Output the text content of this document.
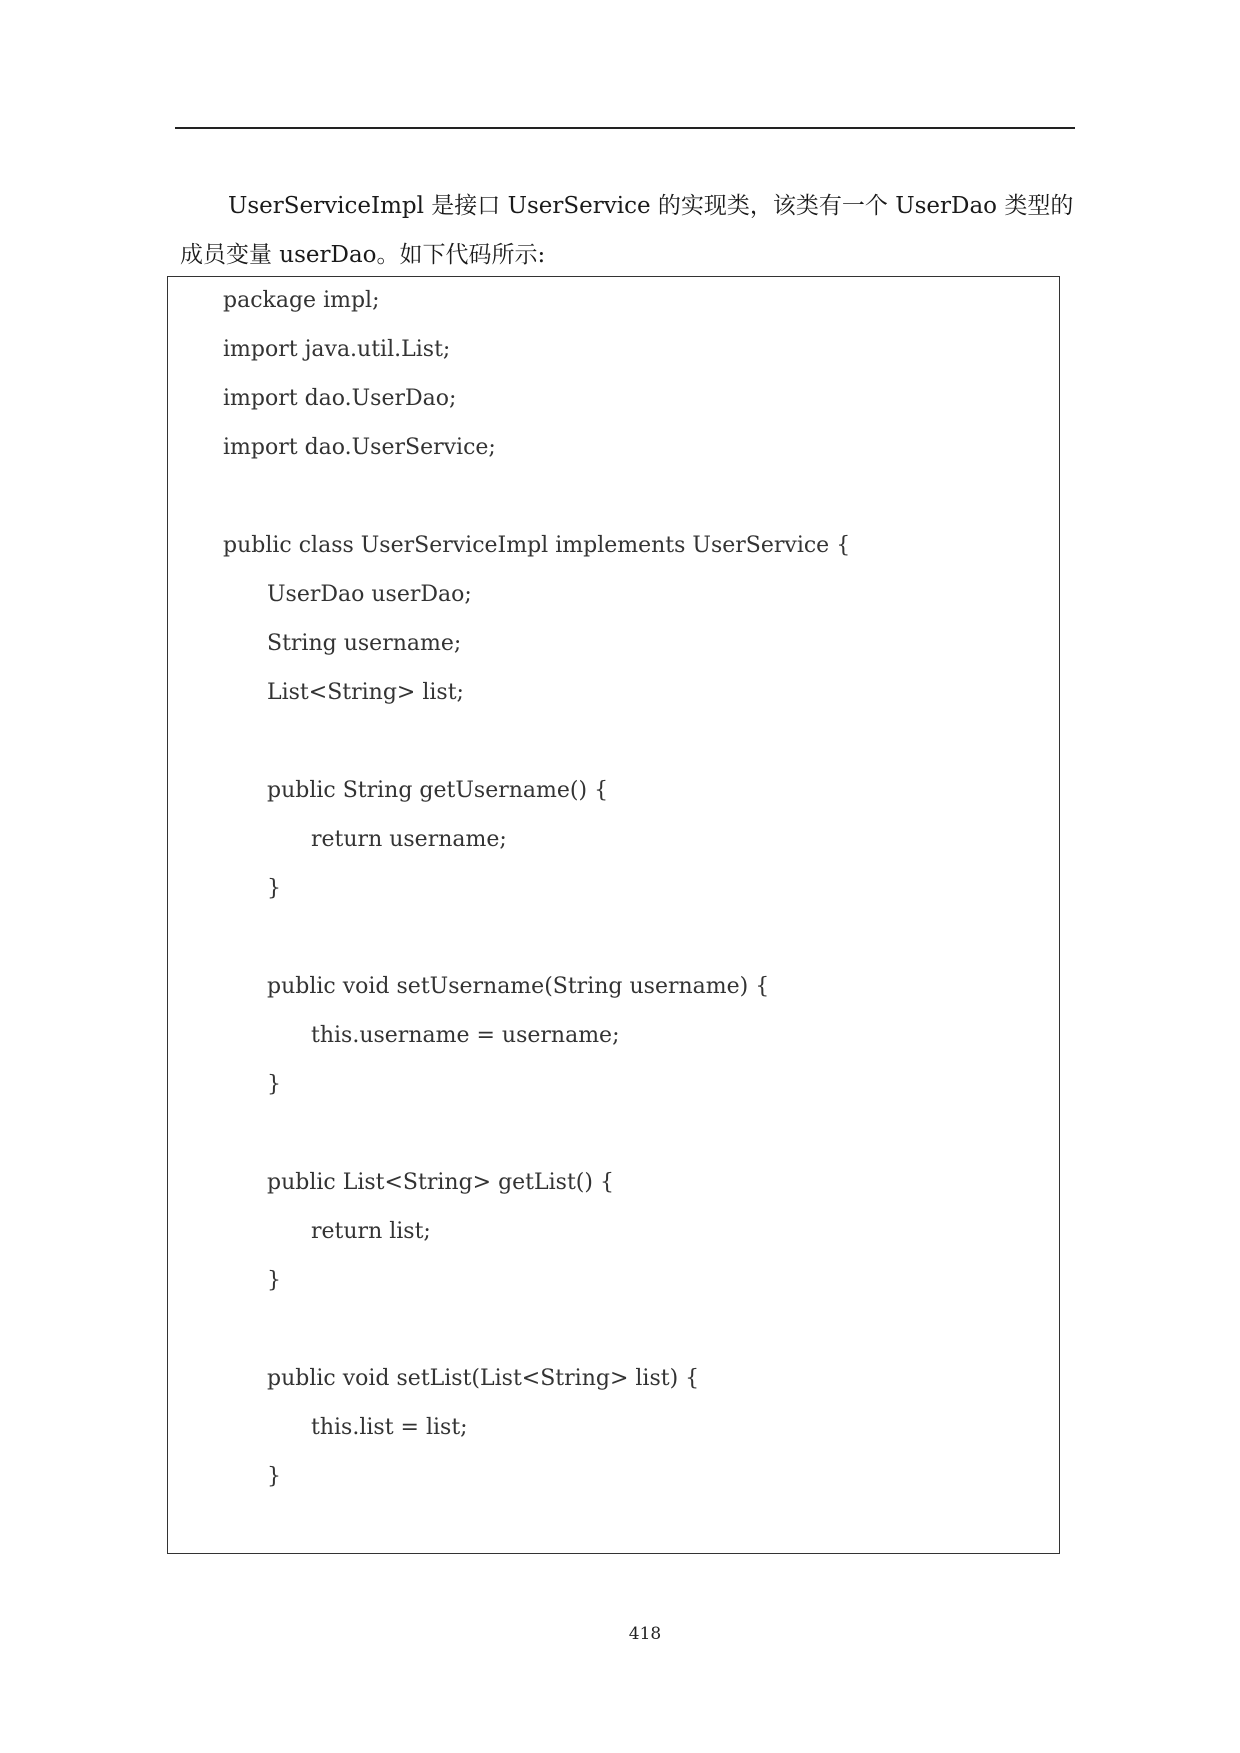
UserServiceImpl 是接口 UserService 的实现类，该类有一个 UserDao 类型的
成员变量 userDao。如下代码所示:

package impl;
import java.util.List;
import dao.UserDao;
import dao.UserService;
public class UserServiceImpl implements UserService {
UserDao userDao;
String username;
List<String> list;
public String getUsername() {
return username;
}
public void setUsername(String username) {
this.username = username;
}
public List<String> getList() {
return list;
}
public void setList(List<String> list) {
this.list = list;
}
418
